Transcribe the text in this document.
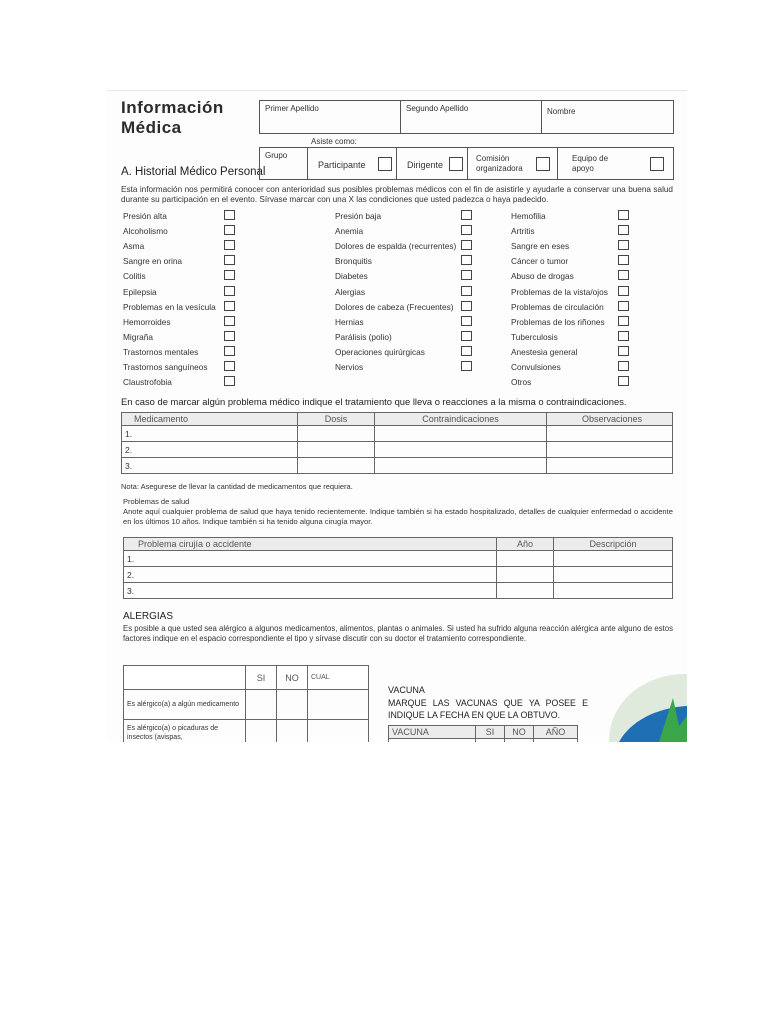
Información
Médica
Primer Apellido	Segundo Apellido	Nombre
Asiste como:
A. Historial Médico Personal
Grupo
Participante	Dirigente
Comisión organizadora
Equipo de apoyo
Esta información nos permitirá conocer con anterioridad sus posibles problemas médicos con el fin de asistirle y ayudarle a conservar una buena salud durante su participación en el evento. Sírvase marcar con una X las condiciones que usted padezca o haya padecido.
En caso de marcar algún problema médico indique el tratamiento que lleva o reacciones a la misma o contraindicaciones.
Medicamento	Dosis	Contraindicaciones	Observaciones
1.			
2.			
3.			
Nota: Asegurese de llevar la cantidad de medicamentos que requiera.
Problemas de salud
Anote aquí cualquier problema de salud que haya tenido recientemente. Indique también si ha estado hospitalizado, detalles de cualquier enfermedad o accidente en los últimos 10 años. Indique también si ha tenido alguna cirugía mayor.
Problema cirujía o accidente	Año	Descripción
1.		
2.		
3.		
ALERGIAS
Es posible a que usted sea alérgico a algunos medicamentos, alimentos, plantas o animales. Si usted ha sufrido alguna reacción alérgica ante alguno de estos factores indique en el espacio correspondiente el tipo y sírvase discutir con su doctor el tratamiento correspondiente.
	SI	NO	CUAL
Es alérgico(a) a algún medicamento			
Es alérgico(a) o picaduras de insectos (avispas,			
VACUNA
MARQUE LAS VACUNAS QUE YA POSEE E INDIQUE LA FECHA EN QUE LA OBTUVO.
VACUNA	SI	NO	AÑO

Presión alta
Alcoholismo
Asma
Sangre en orina
Colitis
Epilepsia
Problemas en la vesícula
Hemorroides
Migraña
Trastornos mentales
Trastornos sanguíneos
Claustrofobia
Presión baja
Anemia
Dolores de espalda (recurrentes)
Bronquitis
Diabetes
Alergias
Dolores de cabeza (Frecuentes)
Hernias
Parálisis (polio)
Operaciones quirúrgicas
Nervios
Hemofilia
Artritis
Sangre en eses
Cáncer o tumor
Abuso de drogas
Problemas de la vista/ojos
Problemas de circulación
Problemas de los riñones
Tuberculosis
Anestesia general
Convulsiones
Otros
